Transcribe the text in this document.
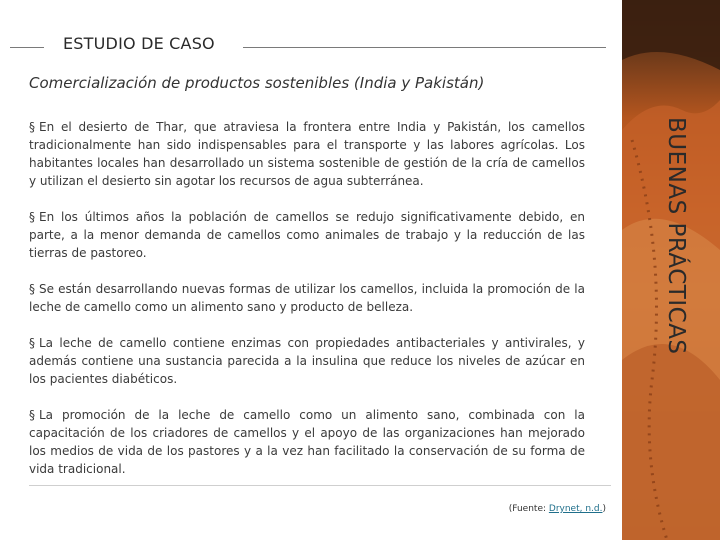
ESTUDIO DE CASO
Comercialización de productos sostenibles (India y Pakistán)

§ En el desierto de Thar, que atraviesa la frontera entre India y Pakistán, los camellos tradicionalmente han sido indispensables para el transporte y las labores agrícolas. Los habitantes locales han desarrollado un sistema sostenible de gestión de la cría de camellos y utilizan el desierto sin agotar los recursos de agua subterránea.

§ En los últimos años la población de camellos se redujo significativamente debido, en parte, a la menor demanda de camellos como animales de trabajo y la reducción de las tierras de pastoreo.

§ Se están desarrollando nuevas formas de utilizar los camellos, incluida la promoción de la leche de camello como un alimento sano y producto de belleza.

§ La leche de camello contiene enzimas con propiedades antibacteriales y antivirales, y además contiene una sustancia parecida a la insulina que reduce los niveles de azúcar en los pacientes diabéticos.

§ La promoción de la leche de camello como un alimento sano, combinada con la capacitación de los criadores de camellos y el apoyo de las organizaciones han mejorado los medios de vida de los pastores y a la vez han facilitado la conservación de su forma de vida tradicional.

(Fuente: Drynet, n.d.)
BUENAS PRÁCTICAS
